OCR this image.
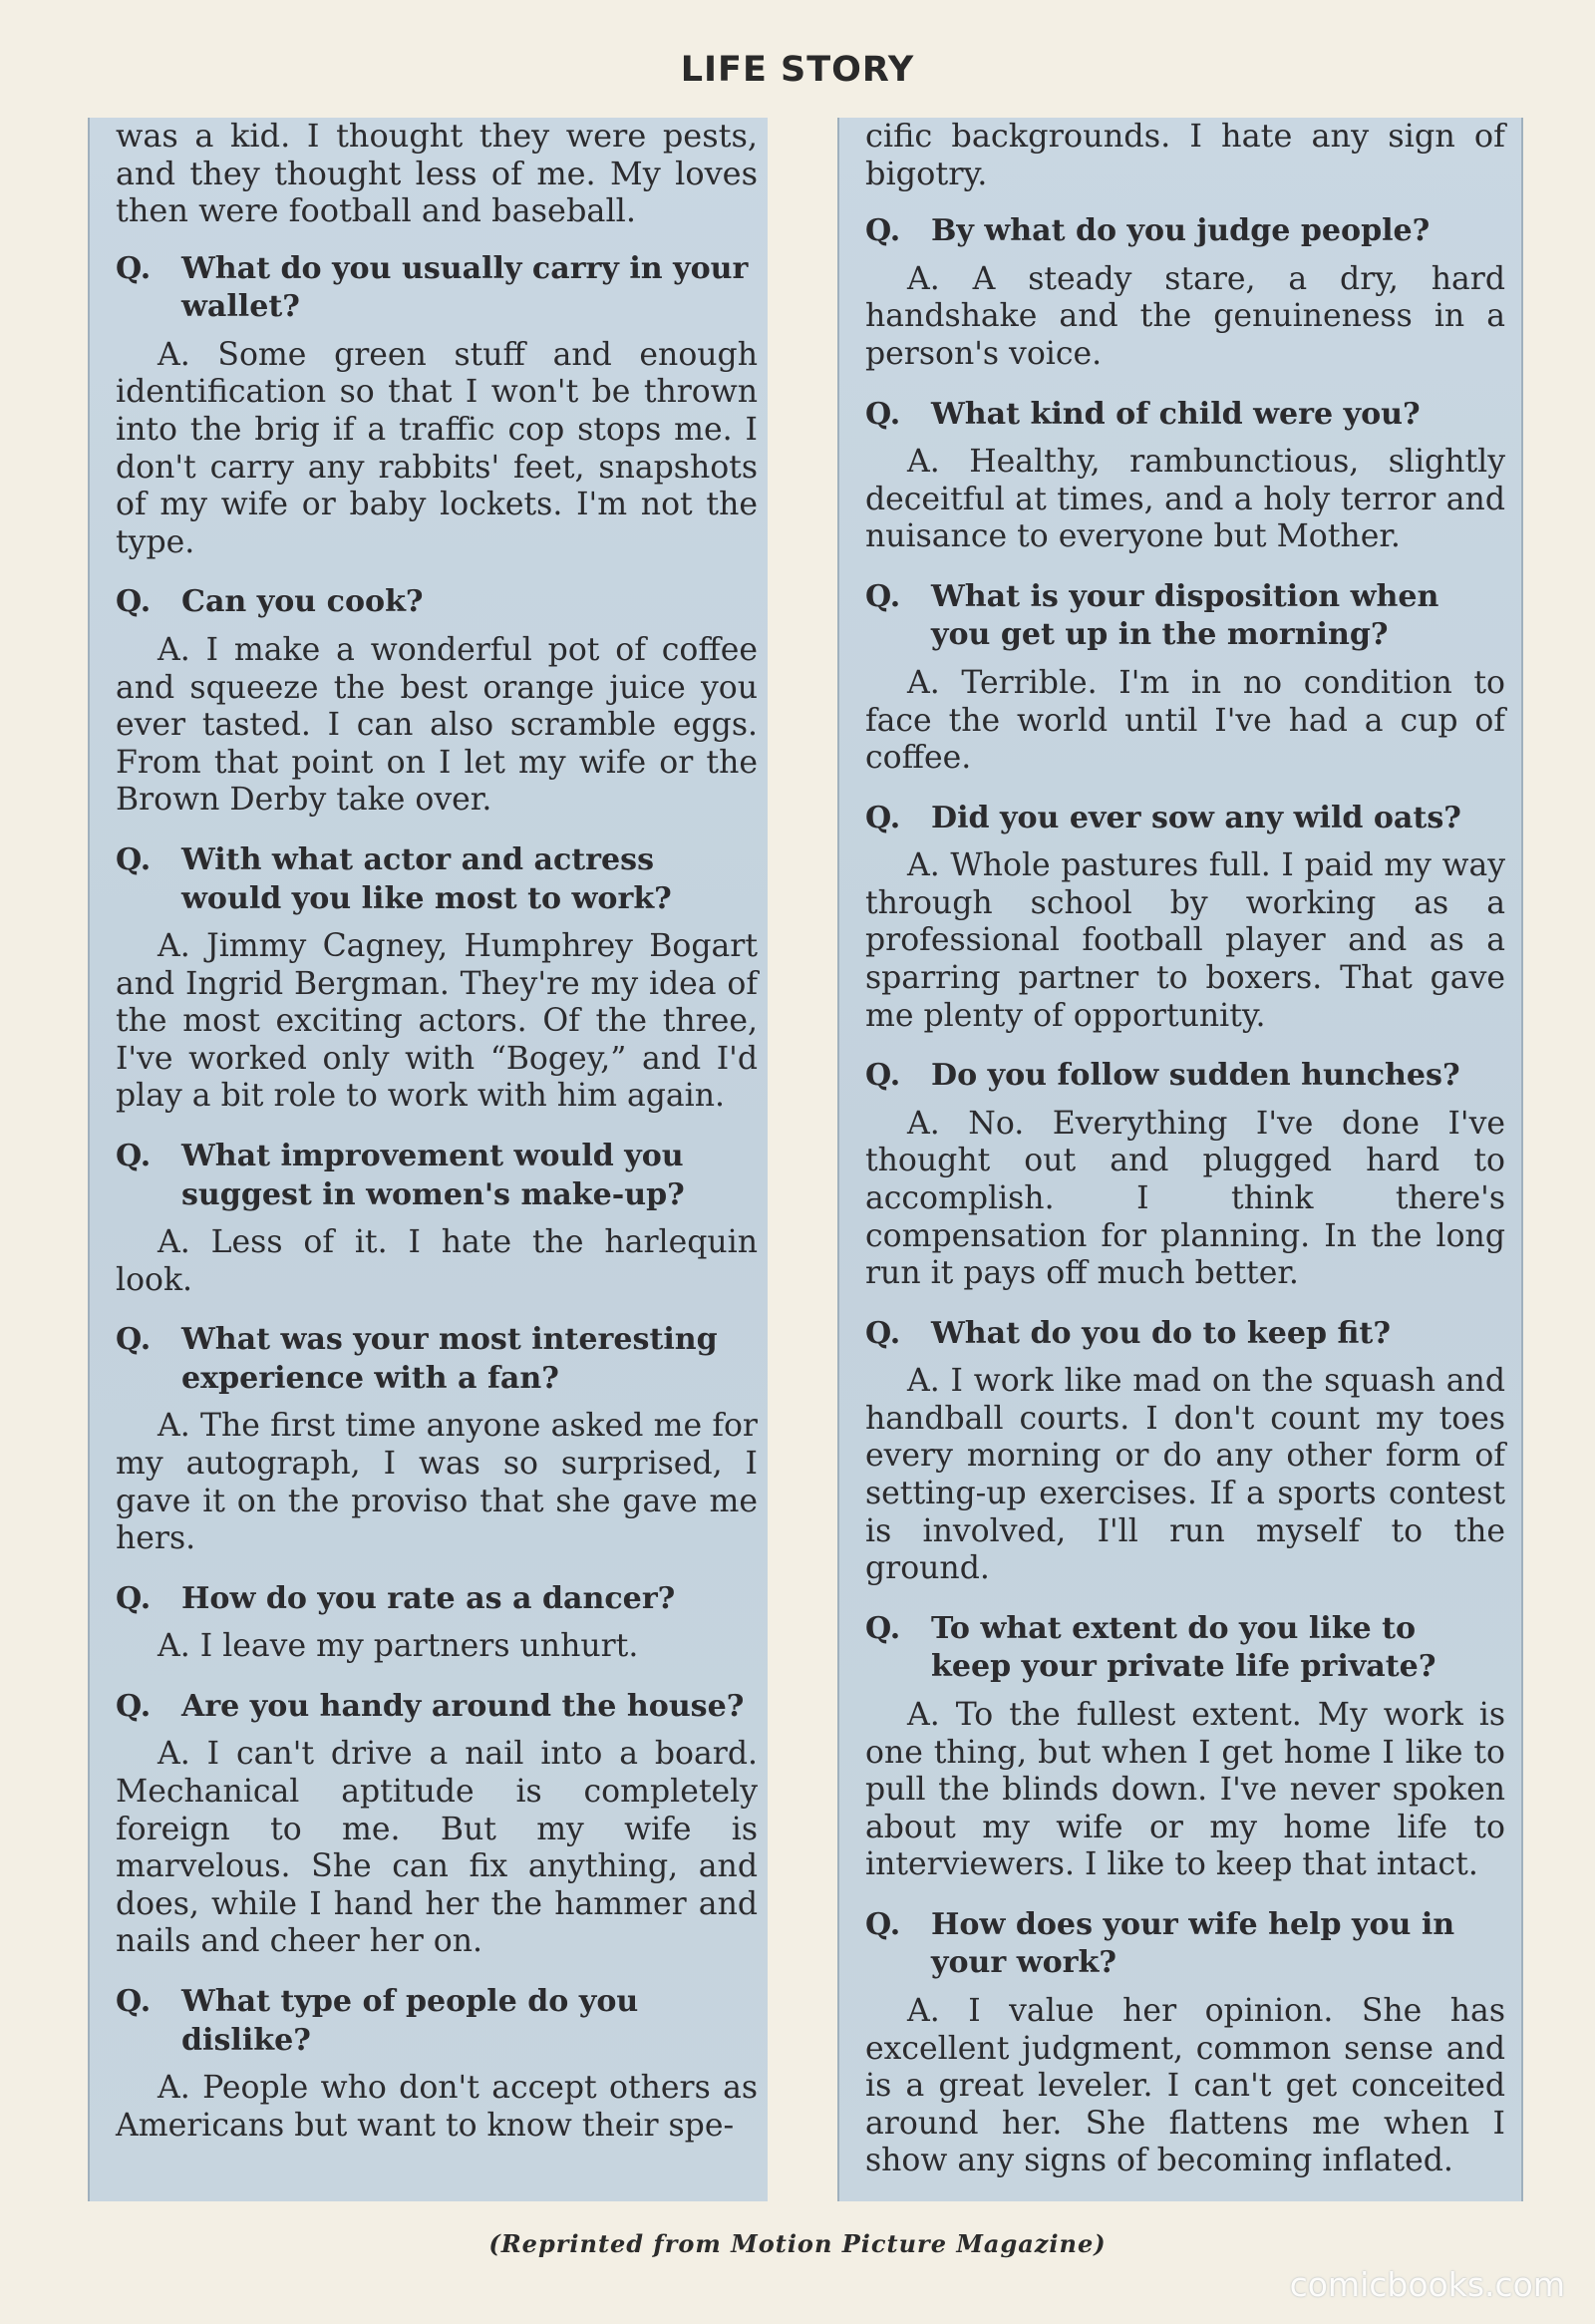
LIFE STORY

was a kid. I thought they were pests, and they thought less of me. My loves then were football and baseball.

Q. What do you usually carry in your wallet?

A. Some green stuff and enough identification so that I won't be thrown into the brig if a traffic cop stops me. I don't carry any rabbits' feet, snapshots of my wife or baby lockets. I'm not the type.

Q. Can you cook?

A. I make a wonderful pot of coffee and squeeze the best orange juice you ever tasted. I can also scramble eggs. From that point on I let my wife or the Brown Derby take over.

Q. With what actor and actress would you like most to work?

A. Jimmy Cagney, Humphrey Bogart and Ingrid Bergman. They're my idea of the most exciting actors. Of the three, I've worked only with “Bogey,” and I'd play a bit role to work with him again.

Q. What improvement would you suggest in women's make-up?

A. Less of it. I hate the harlequin look.

Q. What was your most interesting experience with a fan?

A. The first time anyone asked me for my autograph, I was so surprised, I gave it on the proviso that she gave me hers.

Q. How do you rate as a dancer?

A. I leave my partners unhurt.

Q. Are you handy around the house?

A. I can't drive a nail into a board. Mechanical aptitude is completely foreign to me. But my wife is marvelous. She can fix anything, and does, while I hand her the hammer and nails and cheer her on.

Q. What type of people do you dislike?

A. People who don't accept others as Americans but want to know their spe-

cific backgrounds. I hate any sign of bigotry.

Q. By what do you judge people?

A. A steady stare, a dry, hard handshake and the genuineness in a person's voice.

Q. What kind of child were you?

A. Healthy, rambunctious, slightly deceitful at times, and a holy terror and nuisance to everyone but Mother.

Q. What is your disposition when you get up in the morning?

A. Terrible. I'm in no condition to face the world until I've had a cup of coffee.

Q. Did you ever sow any wild oats?

A. Whole pastures full. I paid my way through school by working as a professional football player and as a sparring partner to boxers. That gave me plenty of opportunity.

Q. Do you follow sudden hunches?

A. No. Everything I've done I've thought out and plugged hard to accomplish. I think there's compensation for planning. In the long run it pays off much better.

Q. What do you do to keep fit?

A. I work like mad on the squash and handball courts. I don't count my toes every morning or do any other form of setting-up exercises. If a sports contest is involved, I'll run myself to the ground.

Q. To what extent do you like to keep your private life private?

A. To the fullest extent. My work is one thing, but when I get home I like to pull the blinds down. I've never spoken about my wife or my home life to interviewers. I like to keep that intact.

Q. How does your wife help you in your work?

A. I value her opinion. She has excellent judgment, common sense and is a great leveler. I can't get conceited around her. She flattens me when I show any signs of becoming inflated.

(Reprinted from Motion Picture Magazine)
comicbooks.com
